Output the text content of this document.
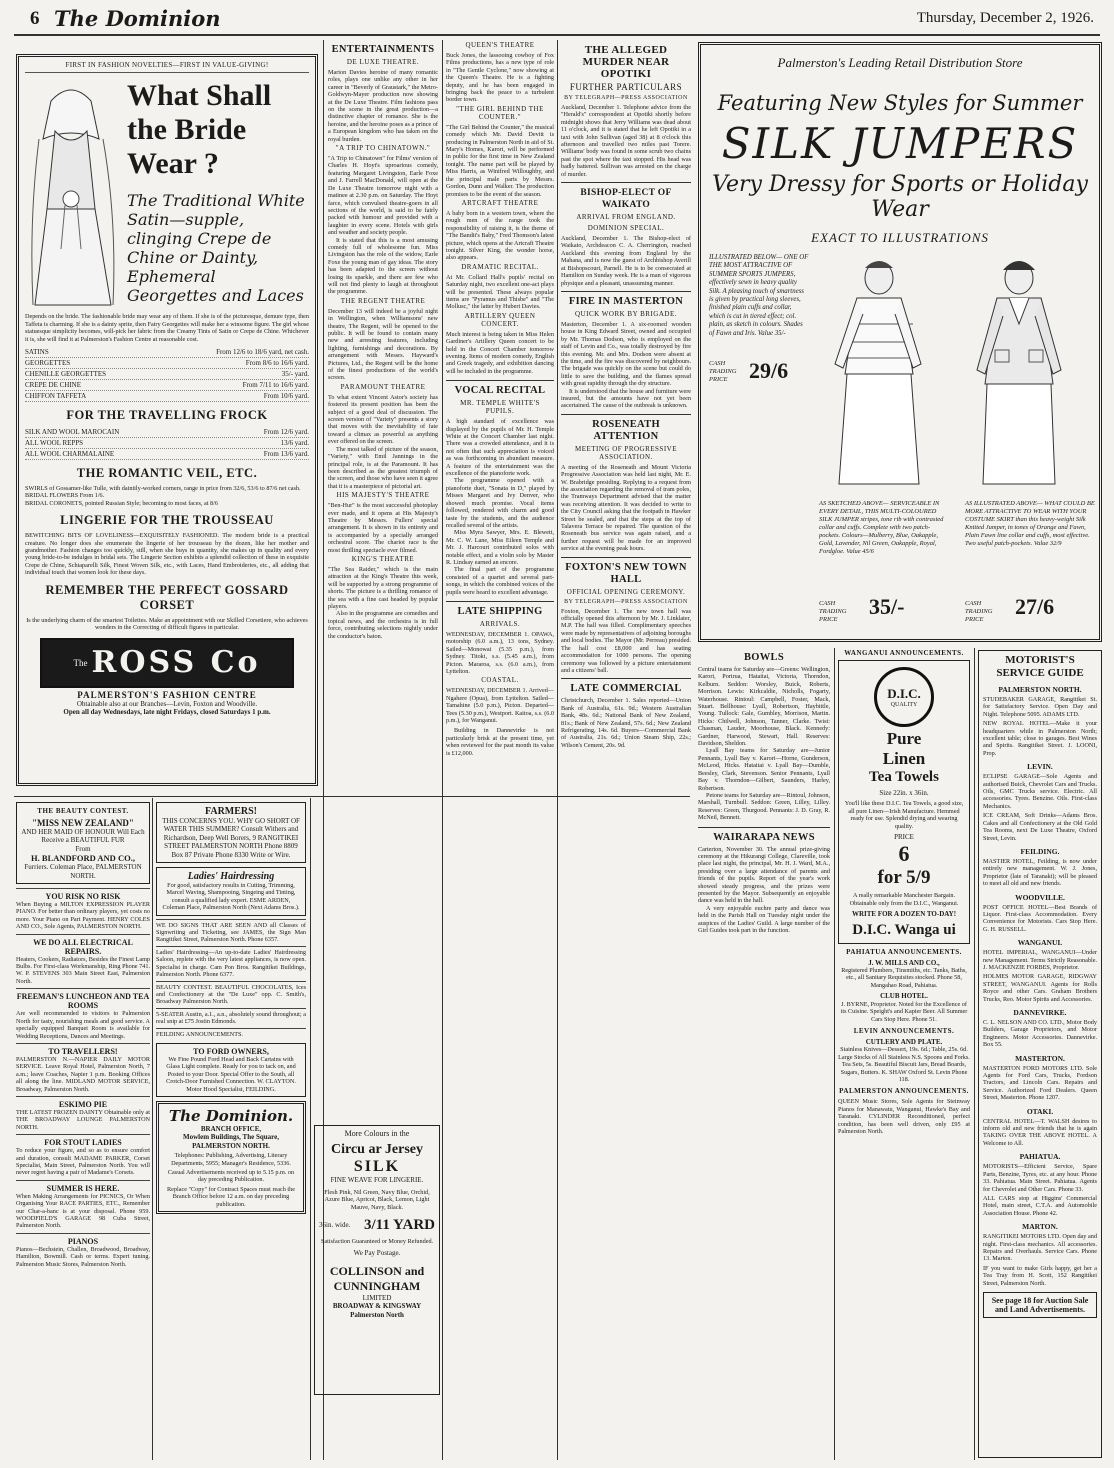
6 The Dominion	Thursday, December 2, 1926.
FIRST IN FASHION NOVELTIES—FIRST IN VALUE-GIVING!
What Shall
the Bride
Wear ?
The Traditional White Satin—supple, clinging Crepe de Chine or Dainty, Ephemeral Georgettes and Laces
Depends on the bride. The fashionable bride may wear any of them. If she is of the picturesque, demure type, then Taffeta is charming. If she is a dainty sprite, then Fairy Georgettes will make her a winsome figure. The girl whose statuesque simplicity becomes, will-pick her fabric from the Creamy Tints of Satin or Crepe de Chine. Whichever it is, she will find it at Palmerston's Fashion Centre at reasonable cost.
SATINS	From 12/6 to 18/6 yard, net cash.
GEORGETTES	From 8/6 to 16/6 yard.
CHENILLE GEORGETTES	35/- yard.
CREPE DE CHINE	From 7/11 to 16/6 yard.
CHIFFON TAFFETA	From 10/6 yard.
FOR THE TRAVELLING FROCK
SILK AND WOOL MAROCAIN	From 12/6 yard.
ALL WOOL REPPS	13/6 yard.
ALL WOOL CHARMALAINE	From 13/6 yard.
THE ROMANTIC VEIL, ETC.
SWIRLS of Gossamer-like Tulle, with daintily-worked corners, range in price from 32/6, 53/6 to 87/6 net cash.
BRIDAL FLOWERS From 1/6.
BRIDAL CORONETS, pointed Russian Style; becoming to most faces, at 8/6
LINGERIE FOR THE TROUSSEAU
BEWITCHING BITS OF LOVELINESS—EXQUISITELY FASHIONED. The modern bride is a practical creature. No longer does she enumerate the lingerie of her trousseau by the dozen, like her mother and grandmother. Fashion changes too quickly, still, when she buys in quantity, she makes up in quality and every young bride-to-be indulges in bridal sets. The Lingerie Section exhibits a splendid collection of these in exquisite Crepe de Chine, Schiaparelli Silk, Finest Woven Silk, etc., with Laces, Hand Embroideries, etc., all adding that individual touch that women look for these days.
REMEMBER THE PERFECT GOSSARD
CORSET
Is the underlying charm of the smartest Toilettes. Make an appointment with our Skilled Corsetiere, who achieves wonders in the Correcting of difficult figures in particular.
The ROSS Co
PALMERSTON'S FASHION CENTRE
Obtainable also at our Branches—Levin, Foxton and Woodville.
Open all day Wednesdays, late night Fridays, closed Saturdays 1 p.m.
ENTERTAINMENTS
DE LUXE THEATRE.
Marion Davies heroine of many romantic roles, plays one unlike any other in her career in "Beverly of Graustark," the Metro-Goldwyn-Mayer production now showing at the De Luxe Theatre. Film fashions pass on the scene in the great production—a distinctive chapter of romance. She is the heroine, and the heroine poses as a prince of a European kingdom who has taken on the royal burden.
"A TRIP TO CHINATOWN."
"A Trip to Chinatown" for Films' version of Charles H. Hoyt's uproarious comedy, featuring Margaret Livingston, Earle Foxe and J. Farrell MacDonald, will open at the De Luxe Theatre tomorrow night with a matinee at 2.30 p.m. on Saturday. The Hoyt farce, which convulsed theatre-goers in all sections of the world, is said to be fairly packed with humour and provided with a laughter in every scene. Hotels with girls and weather and society people.
It is stated that this is a most amusing comedy full of wholesome fun. Miss Livingston has the role of the widow, Earle Foxe the young man of gay ideas. The story has been adapted to the screen without losing its sparkle, and there are few who will not find plenty to laugh at throughout the programme.
THE REGENT THEATRE
December 13 will indeed be a joyful night in Wellington, when Williamsons' new theatre, The Regent, will be opened to the public. It will be found to contain many new and arresting features, including lighting, furnishings and decorations. By arrangement with Messrs. Hayward's Pictures, Ltd., the Regent will be the home of the finest productions of the world's screen.
PARAMOUNT THEATRE
To what extent Vincent Astor's society has fostered its present position has been the subject of a good deal of discussion. The screen version of "Variety" presents a story that moves with the inevitability of fate toward a climax as powerful as anything ever offered on the screen.
The most talked of picture of the season, "Variety," with Emil Jannings in the principal role, is at the Paramount. It has been described as the greatest triumph of the screen, and those who have seen it agree that it is a masterpiece of pictorial art.
HIS MAJESTY'S THEATRE
"Ben-Hur" is the most successful photoplay ever made, and it opens at His Majesty's Theatre by Messrs. Fullers' special arrangement. It is shown in its entirety and is accompanied by a specially arranged orchestral score. The chariot race is the most thrilling spectacle ever filmed.
KING'S THEATRE
"The Sea Raider," which is the main attraction at the King's Theatre this week, will be supported by a strong programme of shorts. The picture is a thrilling romance of the sea with a fine cast headed by popular players.
Also in the programme are comedies and topical news, and the orchestra is in full force, contributing selections nightly under the conductor's baton.
QUEEN'S THEATRE
Buck Jones, the lassooing cowboy of Fox Films productions, has a new type of role in "The Gentle Cyclone," now showing at the Queen's Theatre. He is a fighting deputy, and he has been engaged in bringing back the peace to a turbulent border town.
"THE GIRL BEHIND THE COUNTER."
"The Girl Behind the Counter," the musical comedy which Mr. David Devitt is producing in Palmerston North in aid of St. Mary's Homes, Karori, will be performed in public for the first time in New Zealand tonight. The name part will be played by Miss Harris, as Winifred Willoughby, and the principal male parts by Messrs. Gordon, Dunn and Walker. The production promises to be the event of the season.
ARTCRAFT THEATRE
A baby born in a western town, where the rough men of the range took the responsibility of raising it, is the theme of "The Bandit's Baby," Fred Thomson's latest picture, which opens at the Artcraft Theatre tonight. Silver King, the wonder horse, also appears.
DRAMATIC RECITAL.
At Mr. Collard Hall's pupils' recital on Saturday night, two excellent one-act plays will be presented. These always popular items are "Pyramus and Thisbe" and "The Mollusc," the latter by Hubert Davies.
ARTILLERY QUEEN CONCERT.
Much interest is being taken in Miss Helen Gardiner's Artillery Queen concert to be held in the Concert Chamber tomorrow evening. Items of modern comedy, English and Greek tragedy, and exhibition dancing will be included in the programme.
VOCAL RECITAL
MR. TEMPLE WHITE'S PUPILS.
A high standard of excellence was displayed by the pupils of Mr. H. Temple White at the Concert Chamber last night. There was a crowded attendance, and it is not often that such appreciation is voiced as was forthcoming in abundant measure. A feature of the entertainment was the excellence of the pianoforte work.
The programme opened with a pianoforte duet, "Sonata in D," played by Misses Margaret and Ivy Denver, who showed much promise. Vocal items followed, rendered with charm and good taste by the students, and the audience recalled several of the artists.
Miss Myra Sawyer, Mrs. E. Blewett, Mr. C. W. Lane, Miss Eileen Temple and Mr. J. Harcourt contributed solos with notable effect, and a violin solo by Master R. Lindsay earned an encore.
The final part of the programme consisted of a quartet and several part-songs, in which the combined voices of the pupils were heard to excellent advantage.
LATE SHIPPING
ARRIVALS.
WEDNESDAY, DECEMBER 1. OPAWA, motorship (6.0 a.m.), 13 tons, Sydney. Sailed—Monowai (5.35 p.m.), from Sydney. Titoki, s.s. (5.45 a.m.), from Picton. Mararoa, s.s. (6.0 a.m.), from Lyttelton.
COASTAL.
WEDNESDAY, DECEMBER 1. Arrived—Ngahere (Opua), from Lyttelton. Sailed—Tamahine (5.0 p.m.), Picton. Departed—Tees (5.30 p.m.), Westport. Kaitoa, s.s. (6.0 p.m.), for Wanganui.
Building in Dannevirke is not particularly brisk at the present time, yet when reviewed for the past month its value is £12,000.
THE ALLEGED MURDER NEAR OPOTIKI
FURTHER PARTICULARS
BY TELEGRAPH—PRESS ASSOCIATION
Auckland, December 1. Telephone advice from the "Herald's" correspondent at Opotiki shortly before midnight shows that Jerry Williams was dead about 11 o'clock, and it is stated that he left Opotiki in a taxi with John Sullivan (aged 38) at 8 o'clock this afternoon and travelled two miles past Torere. Williams' body was found in some scrub two chains past the spot where the taxi stopped. His head was badly battered. Sullivan was arrested on the charge of murder.
BISHOP-ELECT OF WAIKATO
ARRIVAL FROM ENGLAND.
DOMINION SPECIAL.
Auckland, December 1. The Bishop-elect of Waikato, Archdeacon C. A. Cherrington, reached Auckland this evening from England by the Mahana, and is now the guest of Archbishop Averill at Bishopscourt, Parnell. He is to be consecrated at Hamilton on Sunday week. He is a man of vigorous physique and a pleasant, unassuming manner.
FIRE IN MASTERTON
QUICK WORK BY BRIGADE.
Masterton, December 1. A six-roomed wooden house in King Edward Street, owned and occupied by Mr. Thomas Dodson, who is employed on the staff of Levin and Co., was totally destroyed by fire this evening. Mr. and Mrs. Dodson were absent at the time, and the fire was discovered by neighbours. The brigade was quickly on the scene but could do little to save the building, and the flames spread with great rapidity through the dry structure.
It is understood that the house and furniture were insured, but the amounts have not yet been ascertained. The cause of the outbreak is unknown.
ROSENEATH ATTENTION
MEETING OF PROGRESSIVE ASSOCIATION.
A meeting of the Roseneath and Mount Victoria Progressive Association was held last night, Mr. E. W. Brabridge presiding. Replying to a request from the association regarding the removal of tram poles, the Tramways Department advised that the matter was receiving attention. It was decided to write to the City Council asking that the footpath in Hawker Street be sealed, and that the steps at the top of Talavera Terrace be repaired. The question of the Roseneath bus service was again raised, and a further request will be made for an improved service at the evening peak hours.
FOXTON'S NEW TOWN HALL
OFFICIAL OPENING CEREMONY.
BY TELEGRAPH—PRESS ASSOCIATION
Foxton, December 1. The new town hall was officially opened this afternoon by Mr. J. Linklater, M.P. The hall was filled. Complimentary speeches were made by representatives of adjoining boroughs and local bodies. The Mayor (Mr. Perreau) presided. The hall cost £8,000 and has seating accommodation for 1000 persons. The opening ceremony was followed by a picture entertainment and a citizens' ball.
LATE COMMERCIAL
Christchurch, December 1. Sales reported—Union Bank of Australia, 61s. 9d.; Western Australian Bank, 48s. 6d.; National Bank of New Zealand, 81s.; Bank of New Zealand, 57s. 6d.; New Zealand Refrigerating, 14s. 6d. Buyers—Commercial Bank of Australia, 21s. 6d.; Union Steam Ship, 22s.; Wilson's Cement, 20s. 9d.
Palmerston's Leading Retail Distribution Store
Featuring New Styles for Summer
SILK JUMPERS
Very Dressy for Sports or Holiday Wear
EXACT TO ILLUSTRATIONS
ILLUSTRATED BELOW— ONE OF THE MOST ATTRACTIVE OF SUMMER SPORTS JUMPERS, effectively sewn in heavy quality Silk. A pleasing touch of smartness is given by practical long sleeves, finished plain cuffs and collar, which is cut in tiered effect; col. plain, as sketch in colours. Shades of Fawn and Iris. Value 35/-
CASH TRADING PRICE 29/6
AS SKETCHED ABOVE— SERVICEABLE IN EVERY DETAIL, THIS MULTI-COLOURED SILK JUMPER stripes, tone rib with contrasted collar and cuffs. Complete with two patch-pockets. Colours—Mulberry, Blue, Oakapple, Gold, Lavender, Nil Green, Oakapple, Royal, Fordgloe. Value 45/6
CASH TRADING PRICE
35/-
AS ILLUSTRATED ABOVE— WHAT COULD BE MORE ATTRACTIVE TO WEAR WITH YOUR COSTUME SKIRT than this heavy-weight Silk Knitted Jumper, in tones of Orange and Fawn, Plain Fawn line collar and cuffs, most effective. Two useful patch-pockets. Value 32/9
CASH TRADING PRICE
27/6
THE BEAUTY CONTEST.
"MISS NEW ZEALAND"
AND HER MAID OF HONOUR Will Each Receive a BEAUTIFUL FUR
From
H. BLANDFORD AND CO.,
Furriers. Coleman Place, PALMERSTON NORTH.
YOU RISK NO RISK
When Buying a MILTON EXPRESSION PLAYER PIANO. For better than ordinary players, yet costs no more. Your Piano on Part Payment. HENRY COLES AND CO., Sole Agents, PALMERSTON NORTH.
WE DO ALL ELECTRICAL REPAIRS.
Heaters, Cookers, Radiators, Besides the Finest Lamp Bulbs. For First-class Workmanship, Ring Phone 741. W. P. STEVENS 303 Main Street East, Palmerston North.
FREEMAN'S LUNCHEON AND TEA ROOMS
Are well recommended to visitors to Palmerston North for tasty, nourishing meals and good service. A specially equipped Banquet Room is available for Wedding Receptions, Dances and Meetings.
TO TRAVELLERS!
PALMERSTON N.—NAPIER DAILY MOTOR SERVICE. Leave Royal Hotel, Palmerston North, 7 a.m.; leave Coaches, Napier 1 p.m. Booking Offices all along the line. MIDLAND MOTOR SERVICE, Broadway, Palmerston North.
ESKIMO PIE
THE LATEST FROZEN DAINTY Obtainable only at THE BROADWAY LOUNGE PALMERSTON NORTH.
FOR STOUT LADIES
To reduce your figure, and so as to ensure comfort and duration, consult MADAME PARKER, Corset Specialist, Main Street, Palmerston North. You will never regret having a pair of Madame's Corsets.
SUMMER IS HERE.
When Making Arrangements for PICNICS, Or When Organising Your RACE PARTIES, ETC., Remember our Char-a-banc is at your disposal. Phone 959. WOODFIELD'S GARAGE 98 Cuba Street, Palmerston North.
PIANOS
Pianos—Bechstein, Challen, Broadwood, Broadway, Hamilton, Bowmill. Cash or terms. Expert tuning. Palmerston Music Stores, Palmerston North.
FARMERS!
THIS CONCERNS YOU. WHY GO SHORT OF WATER THIS SUMMER? Consult Withers and Richardson, Deep Well Borers, 9 RANGITIKEI STREET PALMERSTON NORTH Phone 8809 Box 87 Private Phone 8330 Write or Wire.
Ladies' Hairdressing
For good, satisfactory results in Cutting, Trimming, Marcel Waving, Shampooing, Singeing and Tinting, consult a qualified lady expert. ESME ARDEN, Coleman Place, Palmerston North (Next Adams Bros.).
WE DO SIGNS THAT ARE SEEN AND all Classes of Signwriting and Ticketing, see JAMES, the Sign Man Rangitikei Street, Palmerston North. Phone 6357.
Ladies' Hairdressing—An up-to-date Ladies' Hairdressing Saloon, replete with the very latest appliances, is now open. Specialist in charge. Cam Pon Bros. Rangitikei Buildings, Palmerston North. Phone 6377.
BEAUTY CONTEST. BEAUTIFUL CHOCOLATES, Ices and Confectionery at the "De Luxe" opp. C. Smith's, Broadway Palmerston North.
5-SEATER Austin, a.1., a.n., absolutely sound throughout; a real snip at £75 Jostin Edmonds.
FEILDING ANNOUNCEMENTS.
TO FORD OWNERS,
We Fine Pound Ford Head and Back Cartains with Glass Light complete. Ready for you to tack on, and Posted to your Door. Special Offer to the South, all Crotch-Door Furnished Connection. W. CLAYTON. Motor Hood Specialist, FEILDING.
The Dominion.
BRANCH OFFICE,
Mowlem Buildings, The Square, PALMERSTON NORTH.
Telephones: Publishing, Advertising, Literary Departments, 5955; Manager's Residence, 5336.
Casual Advertisements received up to 5.15 p.m. on day preceding Publication.
Replace "Copy" for Contract Spaces must reach the Branch Office before 12 a.m. on day preceding publication.
More Colours in the
Circu ar Jersey
SILK
FINE WEAVE FOR LINGERIE.
Flesh Pink, Nil Green, Navy Blue, Orchid, Azure Blue, Apricot, Black, Lemon, Light Mauve, Navy, Black.
36in. wide. 3/11 YARD
Satisfaction Guaranteed or Money Refunded.
We Pay Postage.
COLLINSON and
CUNNINGHAM
LIMITED
BROADWAY & KINGSWAY Palmerston North
BOWLS
Central teams for Saturday are—Greens: Wellington, Karori, Porirua, Hataitai, Victoria, Thorndon, Kelburn. Seddon: Worsley, Buick, Roberts, Morrison. Lewis: Kirkcaldie, Nicholls, Fogarty, Waterhouse. Rintoul: Campbell, Foster, Mack, Stuart. Bellhouse: Lyall, Robertson, Haybittle, Young. Tullock: Gale, Gumbley, Morrison, Martin. Hicks: Chilwell, Johnson, Tanner, Clarke. Twist: Chasman, Lauder, Moorhouse, Black. Kennedy: Gardner, Harwood, Stewart, Hall. Reserves: Davidson, Sheldon.
Lyall Bay teams for Saturday are—Junior Pennants, Lyall Bay v. Karori—Horne, Gunderson, McLeod, Hicks. Hataitai v. Lyall Bay—Dumble, Beesley, Clark, Stevenson. Senior Pennants, Lyall Bay v. Thorndon—Gilbert, Saunders, Harley, Robertson.
Petone teams for Saturday are—Rintoul, Johnson, Marshall, Turnbull. Seddon: Green, Lilley, Lilley. Reserves: Green, Thurgood. Pennants: J. D. Gray, R. McNeil, Bennett.
WAIRARAPA NEWS
Carterton, November 30. The annual prize-giving ceremony at the Hikurangi College, Clareville, took place last night, the principal, Mr. H. J. Ward, M.A., presiding over a large attendance of parents and friends of the pupils. Report of the year's work showed steady progress, and the prizes were presented by the Mayor. Subsequently an enjoyable dance was held in the hall.
A very enjoyable euchre party and dance was held in the Parish Hall on Tuesday night under the auspices of the Ladies' Guild. A large number of the Girl Guides took part in the function.
WANGANUI ANNOUNCEMENTS.
D.I.C.
QUALITY
Pure
Linen
Tea Towels
Size 22in. x 36in.
You'll like these D.I.C. Tea Towels, a good size, all pure Linen—Irish Manufacture. Hemmed ready for use. Splendid drying and wearing quality.
PRICE
6
for 5/9
A really remarkable Manchester Bargain. Obtainable only from the D.I.C., Wanganui.
WRITE FOR A DOZEN TO-DAY!
D.I.C. Wanga ui
PAHIATUA ANNOUNCEMENTS.
J. W. MILLS AND CO.,
Registered Plumbers, Tinsmiths, etc. Tanks, Baths, etc., all Sanitary Requisites stocked. Phone 58, Mangahao Road, Pahiatua.
CLUB HOTEL.
J. BYRNE, Proprietor. Noted for the Excellence of its Cuisine. Speight's and Kapier Beer. All Summer Cars Stop Here. Phone 51.
LEVIN ANNOUNCEMENTS.
CUTLERY AND PLATE.
Stainless Knives—Dessert, 19s. 6d.; Table, 25s. 6d. Large Stocks of All Stainless N.S. Spoons and Forks. Tea Sets, 5s. Beautiful Biscuit Jars, Bread Boards, Sugars, Butters. K. SHAW Oxford St. Levin Phone 118.
PALMERSTON ANNOUNCEMENTS.
QUEEN Music Stores, Sole Agents for Steinway Pianos for Manawatu, Wanganui, Hawke's Bay and Taranaki. CYLINDER Reconditioned, perfect condition, has been well driven, only £95 at Palmerston North.
MOTORIST'S SERVICE GUIDE
PALMERSTON NORTH.
STUDEBAKER GARAGE, Rangitikei St. for Satisfactory Service. Open Day and Night. Telephone 5095. ADAMS LTD.
NEW ROYAL HOTEL—Make it your headquarters while in Palmerston North; excellent table; close to garages. Best Wines and Spirits. Rangitikei Street. J. LOONI, Prop.
LEVIN.
ECLIPSE GARAGE—Sole Agents and authorised Buick, Chevrolet Cars and Trucks. Oils, GMC Trucks service. Electric. All accessories. Tyres. Benzine. Oils. First-class Mechanics.
ICE CREAM, Soft Drinks—Adams Bros. Cakes and all Confectionery at the Old Gold Tea Rooms, next De Luxe Theatre, Oxford Street, Levin.
FEILDING.
MASTIER HOTEL, Feilding, is now under entirely new management. W. J. Jones, Proprietor (late of Taranaki); will be pleased to meet all old and new friends.
WOODVILLE.
POST OFFICE HOTEL—Best Brands of Liquor. First-class Accommodation. Every Convenience for Motorists. Cars Stop Here. G. H. RUSSELL.
WANGANUI.
HOTEL IMPERIAL, WANGANUI—Under new Management. Terms Strictly Reasonable. J. MACKENZIE FORBES, Proprietor.
HOLMES MOTOR GARAGE, RIDGWAY STREET, WANGANUI. Agents for Rolls Royce and other Cars. Graham Brothers Trucks, Reo. Motor Spirits and Accessories.
DANNEVIRKE.
C. L. NELSON AND CO. LTD., Motor Body Builders, Garage Proprietors, and Motor Engineers. Motor Accessories. Dannevirke. Box 55.
MASTERTON.
MASTERTON FORD MOTORS LTD. Sole Agents for Ford Cars, Trucks, Fordson Tractors, and Lincoln Cars. Repairs and Service. Authorized Ford Dealers. Queen Street, Masterton. Phone 1207.
OTAKI.
CENTRAL HOTEL—T. WALSH desires to inform old and new friends that he is again TAKING OVER THE ABOVE HOTEL. A Welcome to All.
PAHIATUA.
MOTORISTS—Efficient Service, Spare Parts, Benzine, Tyres, etc. at any hour. Phone 33. Pahiatua. Main Street. Pahiatua. Agents for Chevrolet and Other Cars. Phone 33.
ALL CARS stop at Higgins' Commercial Hotel, main street, C.T.A. and Automobile Association House. Phone 42.
MARTON.
RANGITIKEI MOTORS LTD. Open day and night. First-class mechanics. All accessories. Repairs and Overhauls. Service Cars. Phone 13. Marton.
IF you want to make Girls happy, get her a Tea Tray from H. Scott, 152 Rangitikei Street, Palmerston North.
See page 18 for Auction Sale and Land Advertisements.
